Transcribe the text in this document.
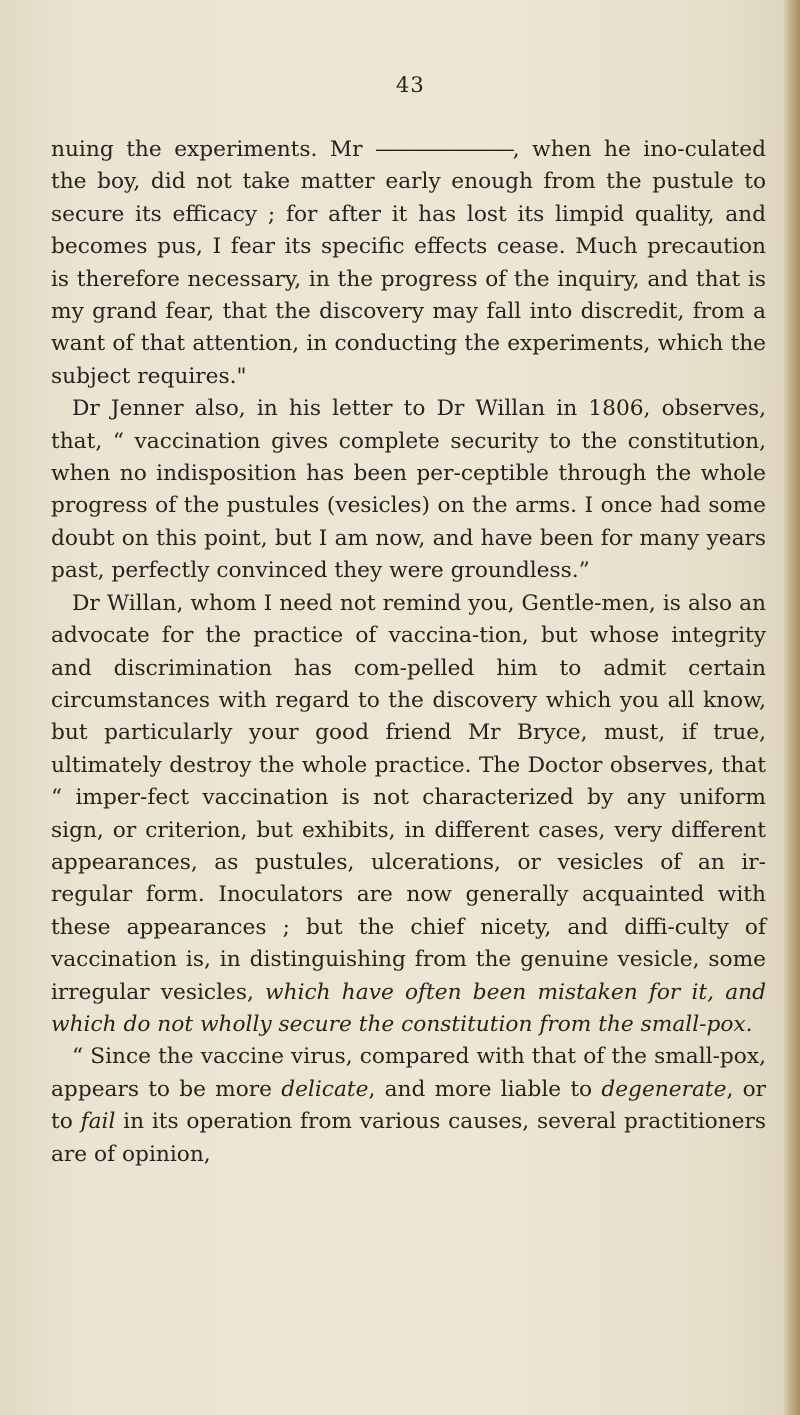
43

nuing the experiments. Mr ———————, when he ino-culated the boy, did not take matter early enough from the pustule to secure its efficacy ; for after it has lost its limpid quality, and becomes pus, I fear its specific effects cease. Much precaution is therefore necessary, in the progress of the inquiry, and that is my grand fear, that the discovery may fall into discredit, from a want of that attention, in conducting the experiments, which the subject requires."

Dr Jenner also, in his letter to Dr Willan in 1806, observes, that, “ vaccination gives complete security to the constitution, when no indisposition has been per-ceptible through the whole progress of the pustules (vesicles) on the arms. I once had some doubt on this point, but I am now, and have been for many years past, perfectly convinced they were groundless.”

Dr Willan, whom I need not remind you, Gentle-men, is also an advocate for the practice of vaccina-tion, but whose integrity and discrimination has com-pelled him to admit certain circumstances with regard to the discovery which you all know, but particularly your good friend Mr Bryce, must, if true, ultimately destroy the whole practice. The Doctor observes, that “ imper-fect vaccination is not characterized by any uniform sign, or criterion, but exhibits, in different cases, very different appearances, as pustules, ulcerations, or vesicles of an ir-regular form. Inoculators are now generally acquainted with these appearances ; but the chief nicety, and diffi-culty of vaccination is, in distinguishing from the genuine vesicle, some irregular vesicles, which have often been mistaken for it, and which do not wholly secure the constitution from the small-pox.

“ Since the vaccine virus, compared with that of the small-pox, appears to be more delicate, and more liable to degenerate, or to fail in its operation from various causes, several practitioners are of opinion,
